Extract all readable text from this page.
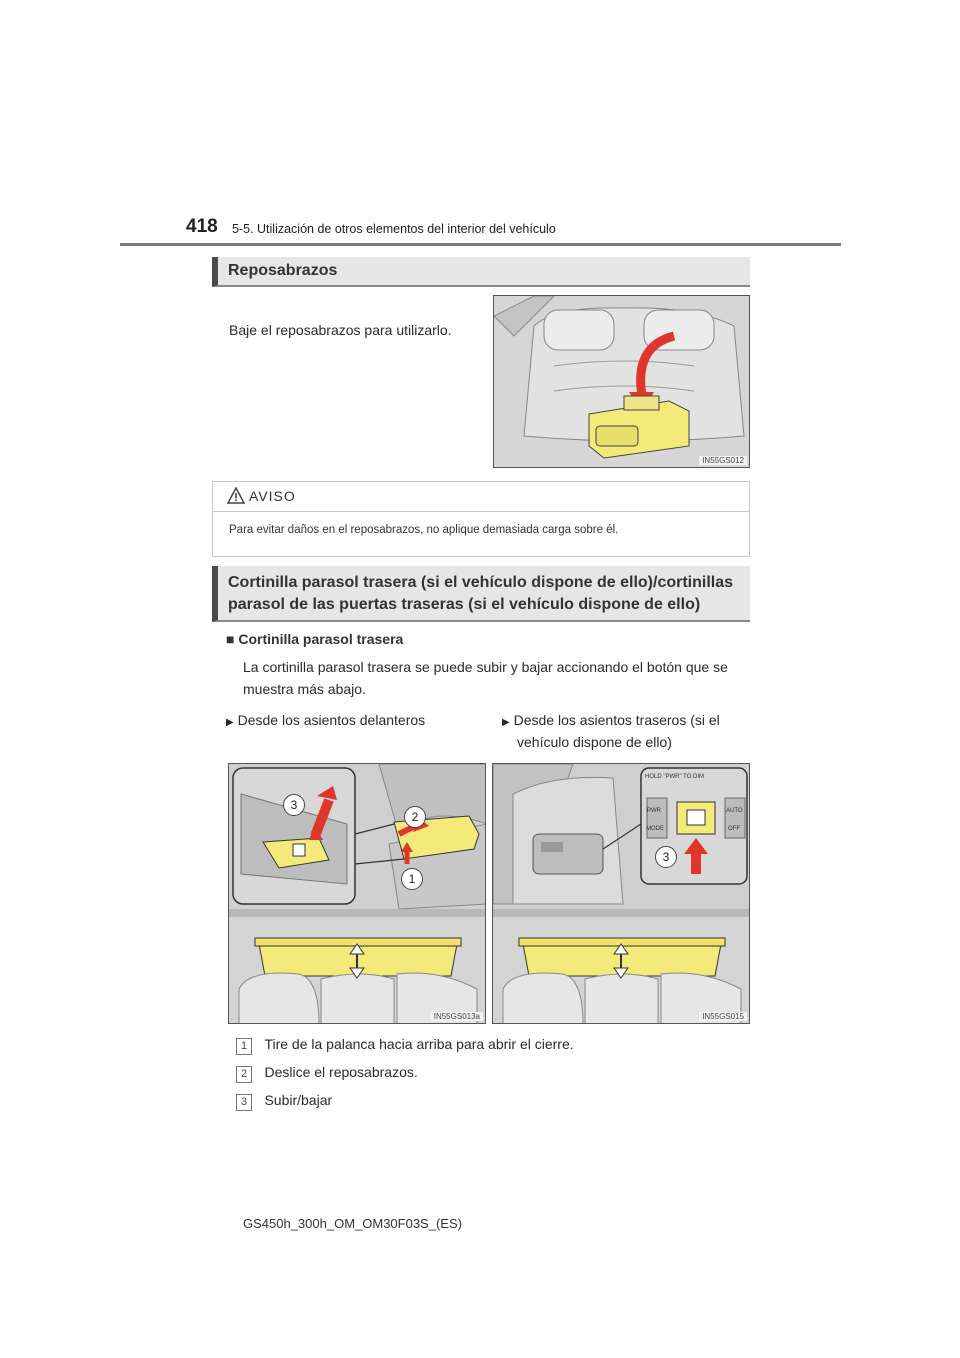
418 5-5. Utilización de otros elementos del interior del vehículo
Reposabrazos
Baje el reposabrazos para utilizarlo.
IN55GS012
AVISO
Para evitar daños en el reposabrazos, no aplique demasiada carga sobre él.
Cortinilla parasol trasera (si el vehículo dispone de ello)/cortinillas
parasol de las puertas traseras (si el vehículo dispone de ello)
■ Cortinilla parasol trasera
La cortinilla parasol trasera se puede subir y bajar accionando el botón que se
muestra más abajo.
▶ Desde los asientos delanteros	▶ Desde los asientos traseros (si el
vehículo dispone de ello)
3
2
1
IN55GS013a
HOLD "PWR" TO DIM
PWR
MODE
AUTO
OFF
3
IN55GS015
1 Tire de la palanca hacia arriba para abrir el cierre.
2 Deslice el reposabrazos.
3 Subir/bajar
GS450h_300h_OM_OM30F03S_(ES)
